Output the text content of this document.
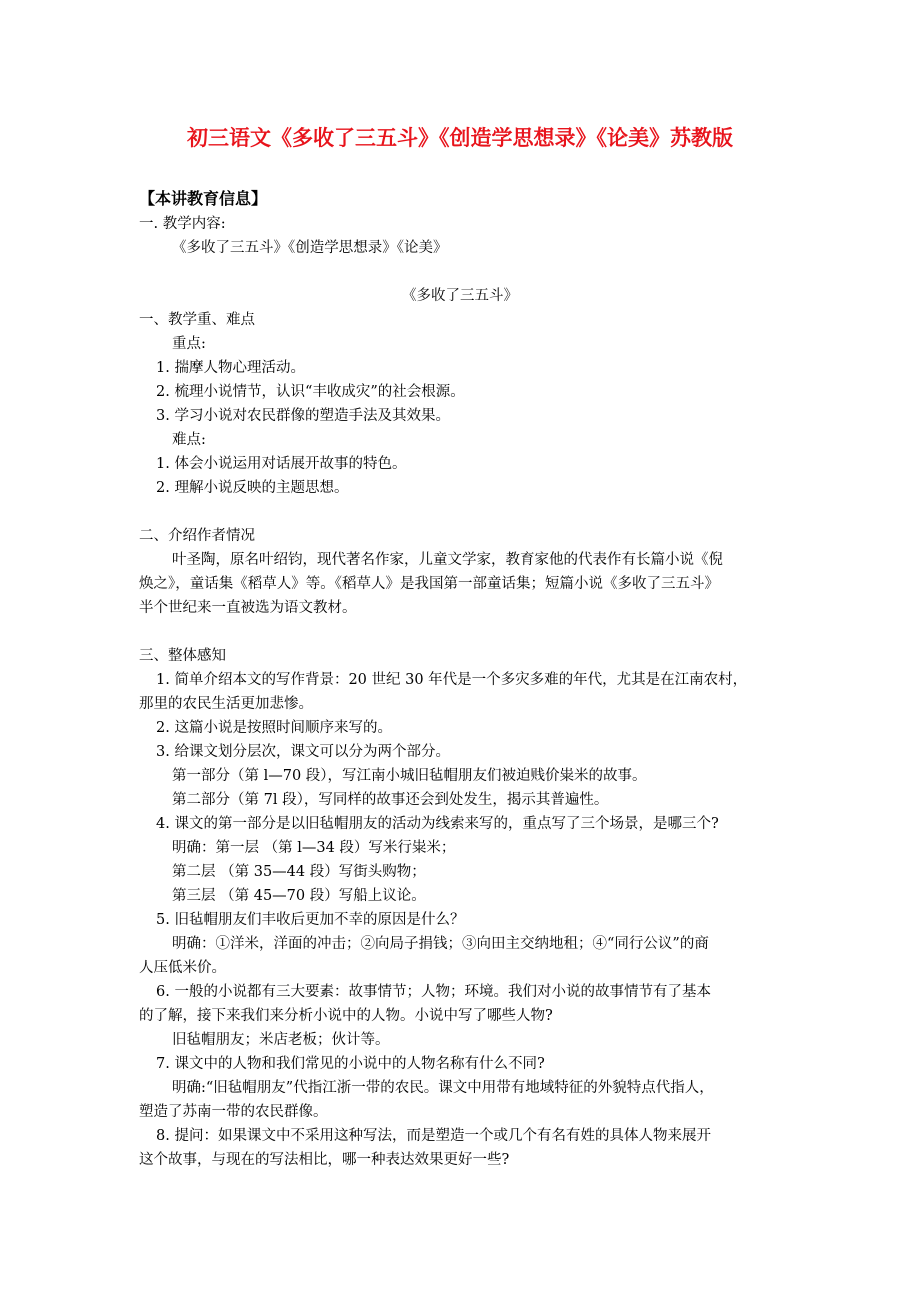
初三语文《多收了三五斗》《创造学思想录》《论美》苏教版
【本讲教育信息】
一. 教学内容:
《多收了三五斗》《创造学思想录》《论美》
《多收了三五斗》
一、教学重、难点
重点:
1. 揣摩人物心理活动。
2. 梳理小说情节，认识“丰收成灾”的社会根源。
3. 学习小说对农民群像的塑造手法及其效果。
难点:
1. 体会小说运用对话展开故事的特色。
2. 理解小说反映的主题思想。
二、介绍作者情况
叶圣陶，原名叶绍钧，现代著名作家，儿童文学家，教育家他的代表作有长篇小说《倪
焕之》，童话集《稻草人》等。《稻草人》是我国第一部童话集；短篇小说《多收了三五斗》
半个世纪来一直被选为语文教材。
三、整体感知
1. 简单介绍本文的写作背景：20 世纪 30 年代是一个多灾多难的年代，尤其是在江南农村，
那里的农民生活更加悲惨。
2. 这篇小说是按照时间顺序来写的。
3. 给课文划分层次，课文可以分为两个部分。
第一部分（第 l—70 段），写江南小城旧毡帽朋友们被迫贱价粜米的故事。
第二部分（第 7l 段），写同样的故事还会到处发生，揭示其普遍性。
4. 课文的第一部分是以旧毡帽朋友的活动为线索来写的，重点写了三个场景，是哪三个?
明确：第一层 （第 l—34 段）写米行粜米；
第二层 （第 35—44 段）写街头购物；
第三层 （第 45—70 段）写船上议论。
5. 旧毡帽朋友们丰收后更加不幸的原因是什么？
明确：①洋米，洋面的冲击；②向局子捐钱；③向田主交纳地租；④“同行公议”的商
人压低米价。
6. 一般的小说都有三大要素：故事情节；人物；环境。我们对小说的故事情节有了基本
的了解，接下来我们来分析小说中的人物。小说中写了哪些人物?
旧毡帽朋友；米店老板；伙计等。
7. 课文中的人物和我们常见的小说中的人物名称有什么不同?
明确:“旧毡帽朋友”代指江浙一带的农民。课文中用带有地域特征的外貌特点代指人，
塑造了苏南一带的农民群像。
8. 提问：如果课文中不采用这种写法，而是塑造一个或几个有名有姓的具体人物来展开
这个故事，与现在的写法相比，哪一种表达效果更好一些?
